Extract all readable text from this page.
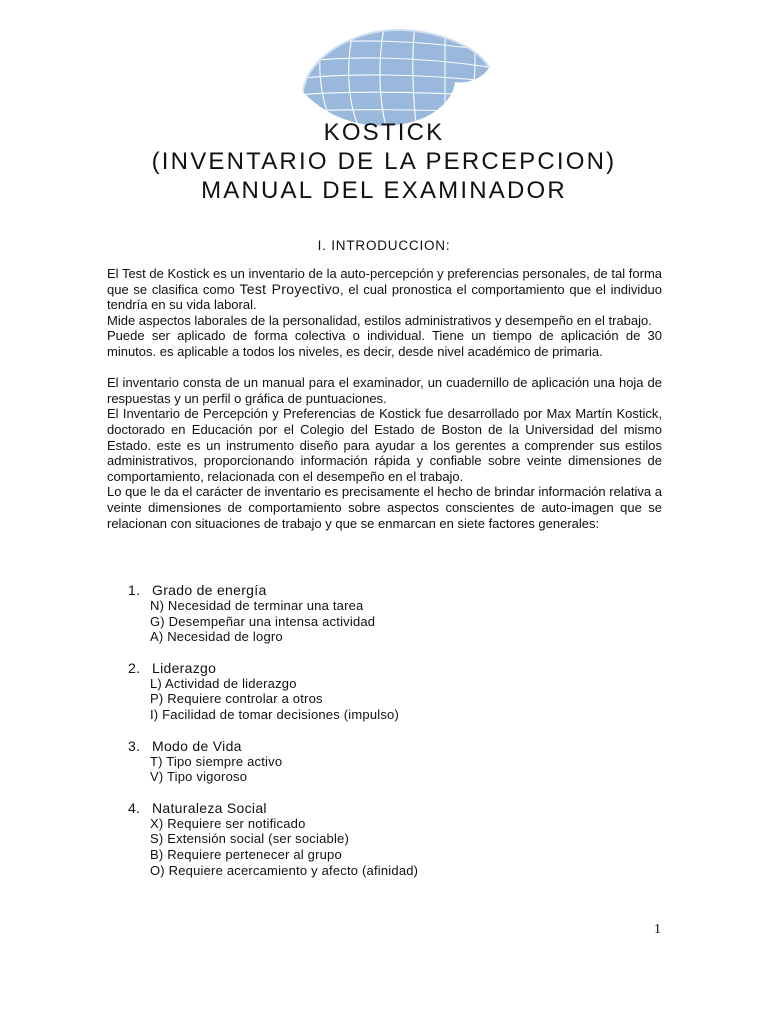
KOSTICK
(INVENTARIO DE LA PERCEPCION)
MANUAL DEL EXAMINADOR
I. INTRODUCCION:

El Test de Kostick es un inventario de la auto-percepción y preferencias personales, de tal forma que se clasifica como Test Proyectivo, el cual pronostica el comportamiento que el individuo tendría en su vida laboral.

Mide aspectos laborales de la personalidad, estilos administrativos y desempeño en el trabajo.

Puede ser aplicado de forma colectiva o individual. Tiene un tiempo de aplicación de 30 minutos. es aplicable a todos los niveles, es decir, desde nivel académico de primaria.

El inventario consta de un manual para el examinador, un cuadernillo de aplicación una hoja de respuestas y un perfil o gráfica de puntuaciones.

El Inventario de Percepción y Preferencias de Kostick fue desarrollado por Max Martín Kostick, doctorado en Educación por el Colegio del Estado de Boston de la Universidad del mismo Estado. este es un instrumento diseño para ayudar a los gerentes a comprender sus estilos administrativos, proporcionando información rápida y confiable sobre veinte dimensiones de comportamiento, relacionada con el desempeño en el trabajo.

Lo que le da el carácter de inventario es precisamente el hecho de brindar información relativa a veinte dimensiones de comportamiento sobre aspectos conscientes de auto-imagen que se relacionan con situaciones de trabajo y que se enmarcan en siete factores generales:

1. Grado de energía
N) Necesidad de terminar una tarea
G) Desempeñar una intensa actividad
A) Necesidad de logro
2. Liderazgo
L) Actividad de liderazgo
P) Requiere controlar a otros
I) Facilidad de tomar decisiones (impulso)
3. Modo de Vida
T) Tipo siempre activo
V) Tipo vigoroso
4. Naturaleza Social
X) Requiere ser notificado
S) Extensión social (ser sociable)
B) Requiere pertenecer al grupo
O) Requiere acercamiento y afecto (afinidad)
1
